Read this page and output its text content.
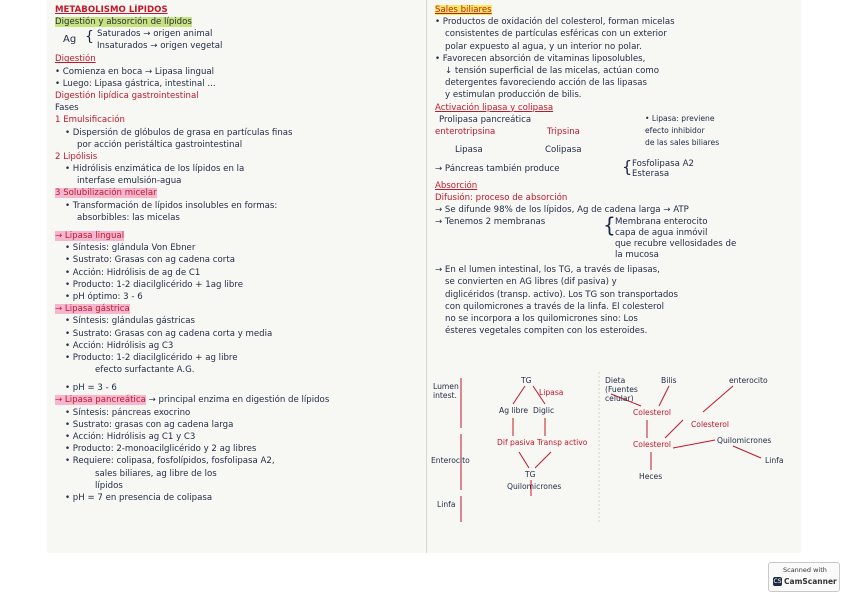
METABOLISMO LÍPIDOS
Digestión y absorción de lípidos
Ag { Saturados → origen animal
Insaturados → origen vegetal
Digestión
• Comienza en boca → Lipasa lingual
• Luego: Lipasa gástrica, intestinal ...
Digestión lipídica gastrointestinal
Fases
1 Emulsificación
• Dispersión de glóbulos de grasa en partículas finas
por acción peristáltica gastrointestinal
2 Lipólisis
• Hidrólisis enzimática de los lípidos en la
interfase emulsión-agua
3 Solubilización micelar
• Transformación de lípidos insolubles en formas:
absorbibles: las micelas
→ Lipasa lingual
• Síntesis: glándula Von Ebner
• Sustrato: Grasas con ag cadena corta
• Acción: Hidrólisis de ag de C1
• Producto: 1-2 diacilglicérido + 1ag libre
• pH óptimo: 3 - 6
→ Lipasa gástrica
• Síntesis: glándulas gástricas
• Sustrato: Grasas con ag cadena corta y media
• Acción: Hidrólisis ag C3
• Producto: 1-2 diacilglicérido + ag libre
efecto surfactante A.G.
• pH = 3 - 6
→ Lipasa pancreática → principal enzima en digestión de lípidos
• Síntesis: páncreas exocrino
• Sustrato: grasas con ag cadena larga
• Acción: Hidrólisis ag C1 y C3
• Producto: 2-monoacilglicérido y 2 ag libres
• Requiere: colipasa, fosfolípidos, fosfolipasa A2,
sales biliares, ag libre de los
lípidos
• pH = 7 en presencia de colipasa
Sales biliares
• Productos de oxidación del colesterol, forman micelas
consistentes de partículas esféricas con un exterior
polar expuesto al agua, y un interior no polar.
• Favorecen absorción de vitaminas liposolubles,
↓ tensión superficial de las micelas, actúan como
detergentes favoreciendo acción de las lipasas
y estimulan producción de bilis.
Activación lipasa y colipasa
Prolipasa pancreática
enterotripsina	Tripsina
Lipasa	Colipasa
• Lipasa: previene
efecto inhibidor
de las sales biliares
→ Páncreas también produce	{ Fosfolipasa A2
Esterasa
Absorción
Difusión: proceso de absorción
→ Se difunde 98% de los lípidos, Ag de cadena larga → ATP
→ Tenemos 2 membranas	{ Membrana enterocito
capa de agua inmóvil
que recubre vellosidades de
la mucosa
→ En el lumen intestinal, los TG, a través de lipasas,
se convierten en AG libres (dif pasiva) y
diglicéridos (transp. activo). Los TG son transportados
con quilomicrones a través de la linfa. El colesterol
no se incorpora a los quilomicrones sino: Los
ésteres vegetales compiten con los esteroides.
Lumen intest.
Enterocito
Linfa
TG
Lipasa
Ag libre Diglic
Dif pasiva Transp activo
TG
Quilomicrones
Dieta (Fuentes celular)
Bilis	enterocito
Colesterol
Colesterol
Colesterol	Quilomicrones
Heces
Linfa
Scanned with
CS CamScanner
